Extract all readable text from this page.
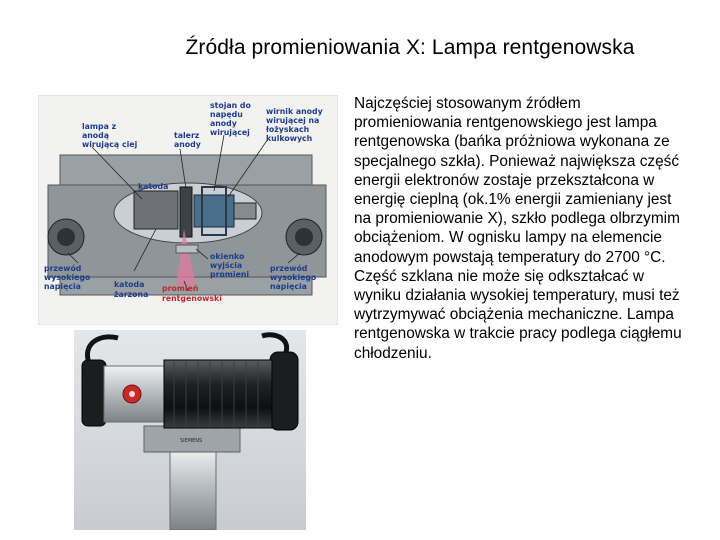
Źródła promieniowania X: Lampa rentgenowska
lampa z
anodą
wirującą ciej
talerz
anody
stojan do
napędu
anody
wirującej
wirnik anody
wirującej na
łożyskach
kulkowych
katoda
przewód
wysokiego
napięcia
przewód
wysokiego
napięcia
katoda
żarzona
okienko
wyjścia
promieni
promień
rentgenowski
SIEMENS
Najczęściej stosowanym źródłem promieniowania rentgenowskiego jest lampa rentgenowska (bańka próżniowa wykonana ze specjalnego szkła). Ponieważ największa część energii elektronów zostaje przekształcona w energię cieplną (ok.1% energii zamieniany jest na promieniowanie X), szkło podlega olbrzymim obciążeniom. W ognisku lampy na elemencie anodowym powstają temperatury do 2700 °C. Część szklana nie może się odkształcać w wyniku działania wysokiej temperatury, musi też wytrzymywać obciążenia mechaniczne. Lampa rentgenowska w trakcie pracy podlega ciągłemu chłodzeniu.
